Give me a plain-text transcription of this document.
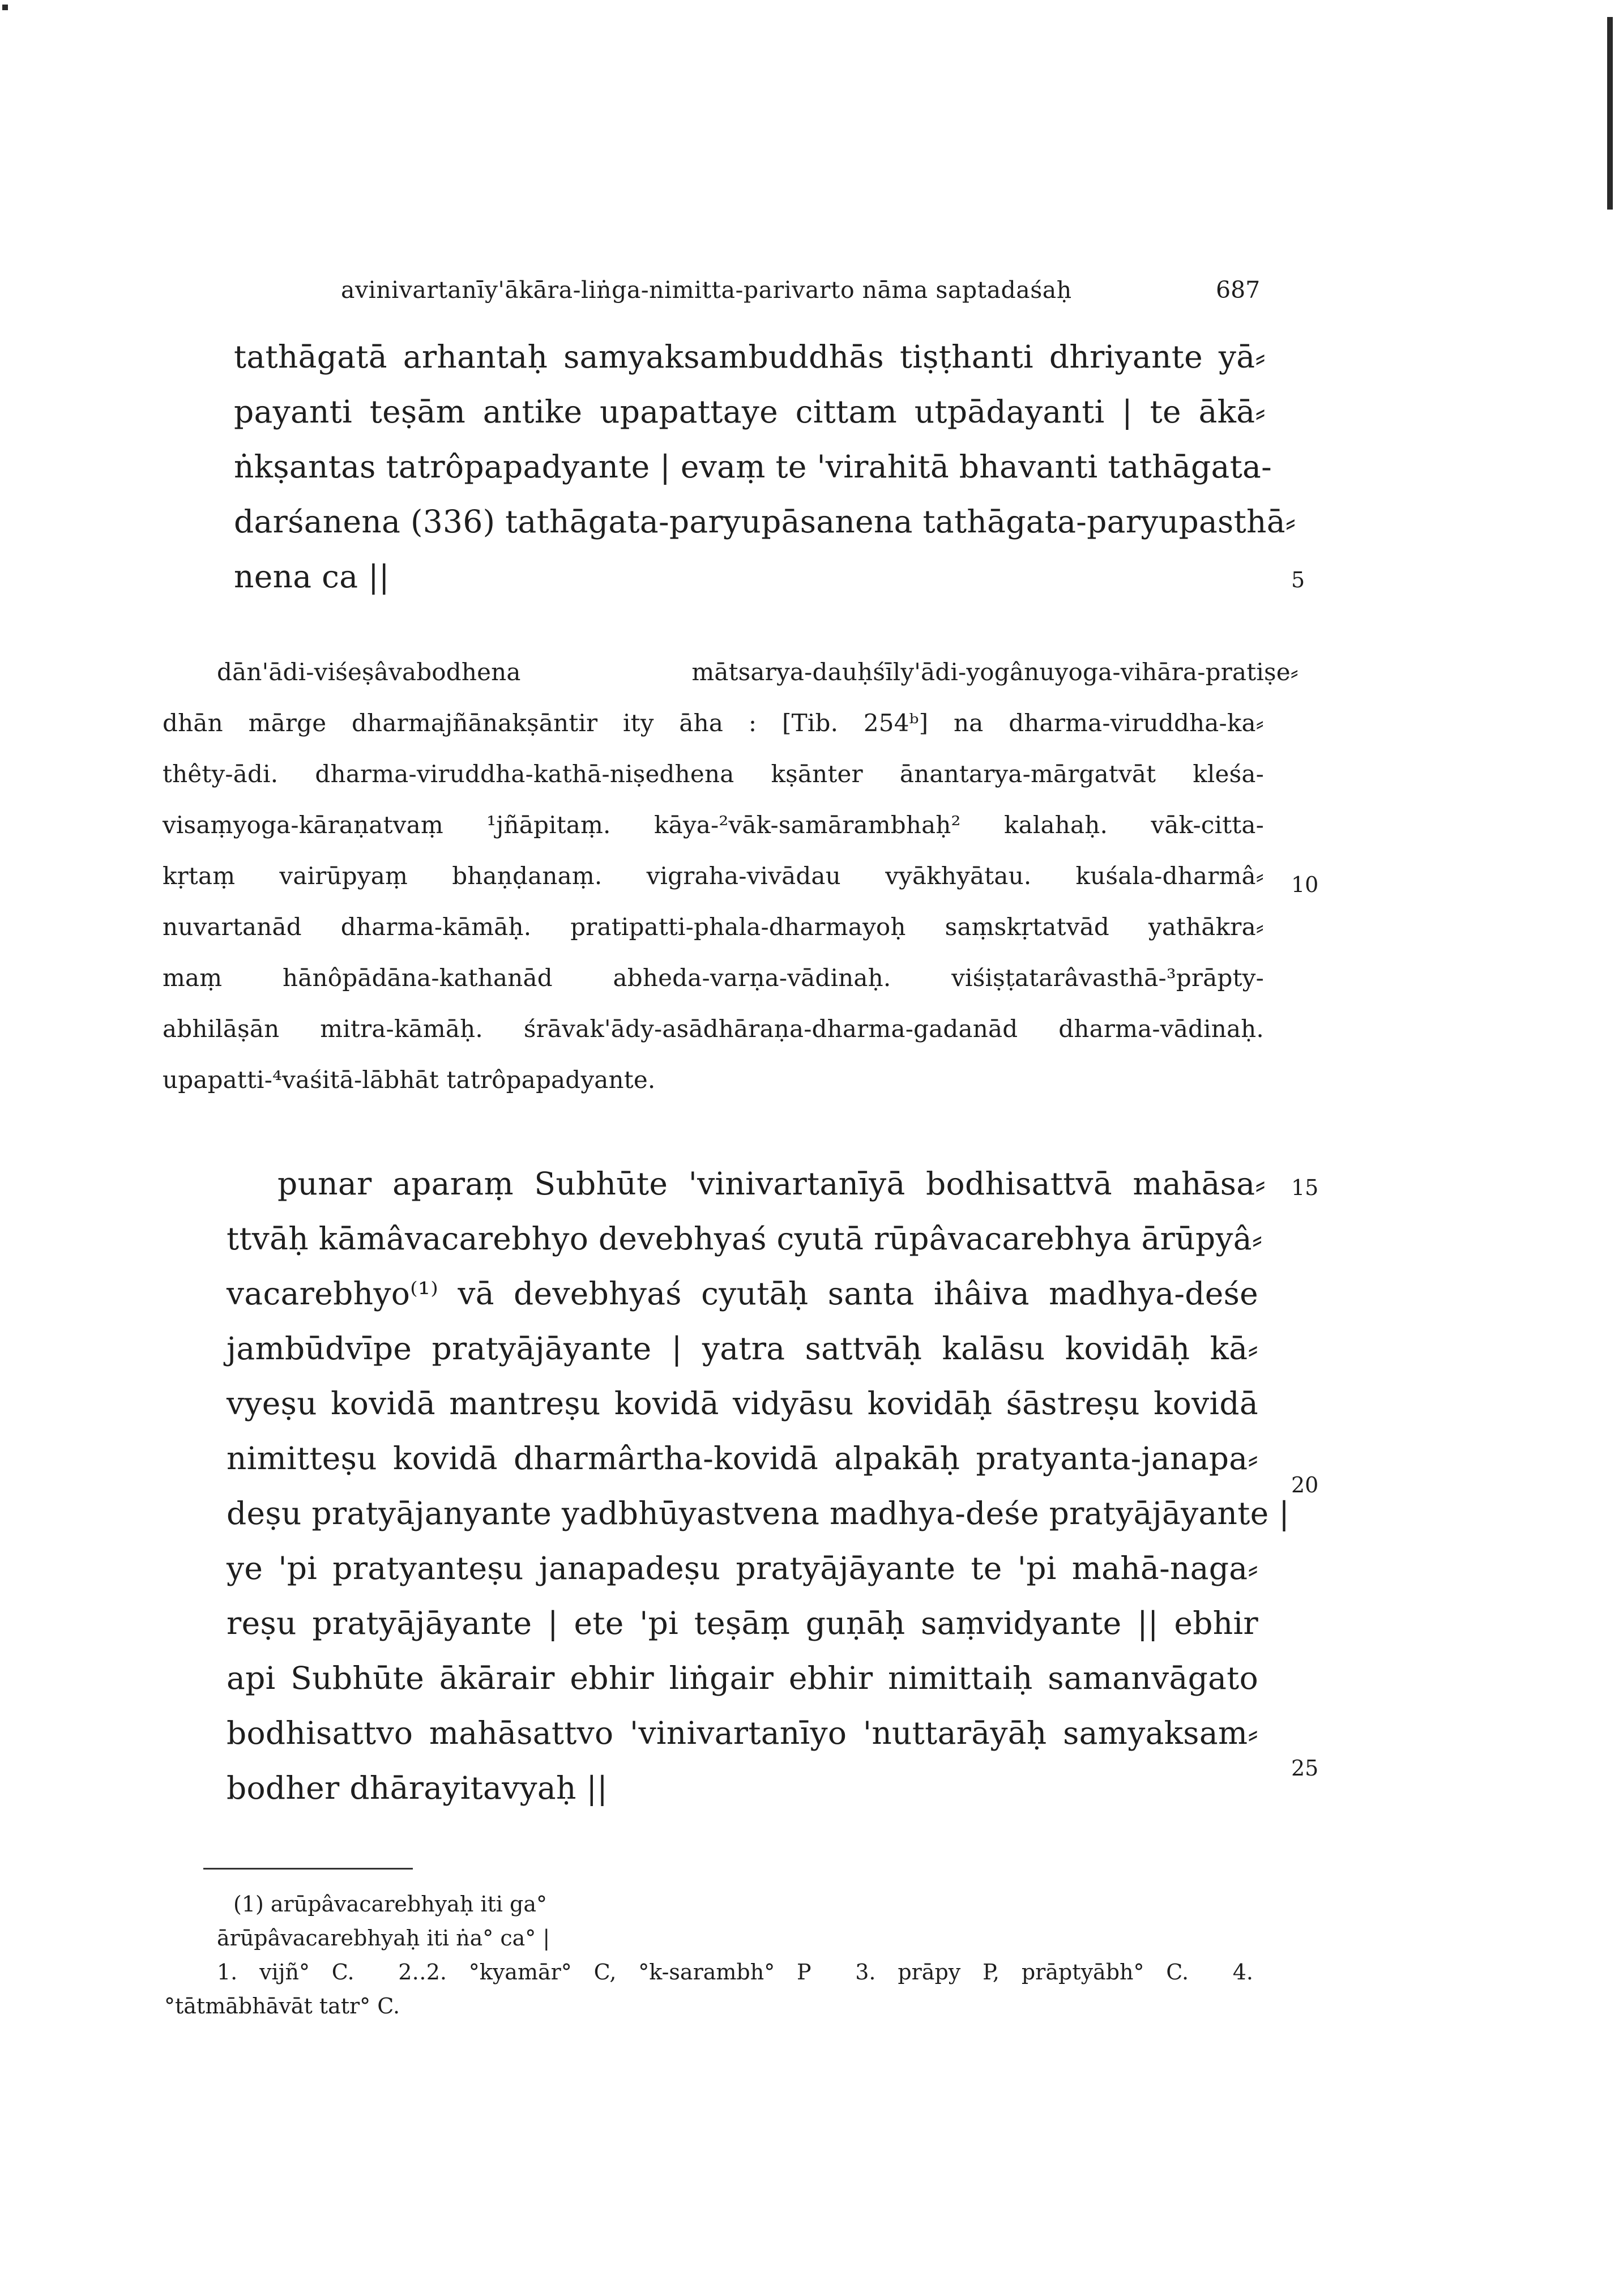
avinivartanīy'ākāra-liṅga-nimitta-parivarto nāma saptadaśaḥ	687
tathāgatā arhantaḥ samyaksambuddhās tiṣṭhanti dhriyante yā⸗
payanti teṣām antike upapattaye cittam utpādayanti | te ākā⸗
ṅkṣantas tatrôpapadyante | evaṃ te 'virahitā bhavanti tathāgata-
darśanena (336) tathāgata-paryupāsanena tathāgata-paryupasthā⸗
nena ca ||	5
dān'ādi-viśeṣâvabodhena mātsarya-dauḥśīly'ādi-yogânuyoga-vihāra-pratiṣe⸗
dhān mārge dharmajñānakṣāntir ity āha : [Tib. 254ᵇ] na dharma-viruddha-ka⸗
thêty-ādi. dharma-viruddha-kathā-niṣedhena kṣānter ānantarya-mārgatvāt kleśa-
visaṃyoga-kāraṇatvaṃ ¹jñāpitaṃ. kāya-²vāk-samārambhaḥ² kalahaḥ. vāk-citta-
kṛtaṃ vairūpyaṃ bhaṇḍanaṃ. vigraha-vivādau vyākhyātau. kuśala-dharmâ⸗ 10
nuvartanād dharma-kāmāḥ. pratipatti-phala-dharmayoḥ saṃskṛtatvād yathākra⸗
maṃ hānôpādāna-kathanād abheda-varṇa-vādinaḥ. viśiṣṭatarâvasthā-³prāpty-
abhilāṣān mitra-kāmāḥ. śrāvak'ādy-asādhāraṇa-dharma-gadanād dharma-vādinaḥ.
upapatti-⁴vaśitā-lābhāt tatrôpapadyante.
punar aparaṃ Subhūte 'vinivartanīyā bodhisattvā mahāsa⸗ 15
ttvāḥ kāmâvacarebhyo devebhyaś cyutā rūpâvacarebhya ārūpyâ⸗
vacarebhyo⁽¹⁾ vā devebhyaś cyutāḥ santa ihâiva madhya-deśe
jambūdvīpe pratyājāyante | yatra sattvāḥ kalāsu kovidāḥ kā⸗
vyeṣu kovidā mantreṣu kovidā vidyāsu kovidāḥ śāstreṣu kovidā
nimitteṣu kovidā dharmârtha-kovidā alpakāḥ pratyanta-janapa⸗
20
deṣu pratyājanyante yadbhūyastvena madhya-deśe pratyājāyante |
ye 'pi pratyanteṣu janapadeṣu pratyājāyante te 'pi mahā-naga⸗
reṣu pratyājāyante | ete 'pi teṣāṃ guṇāḥ saṃvidyante || ebhir
api Subhūte ākārair ebhir liṅgair ebhir nimittaiḥ samanvāgato
bodhisattvo mahāsattvo 'vinivartanīyo 'nuttarāyāḥ samyaksam⸗
25
bodher dhārayitavyaḥ ||
(1) arūpâvacarebhyaḥ iti ga°
ārūpâvacarebhyaḥ iti ṅa° ca° |
1. vijñ° C.  2‥2. °kyamār° C, °k-sarambh° P  3. prāpy P, prāptyābh° C.  4.
°tātmābhāvāt tatr° C.
